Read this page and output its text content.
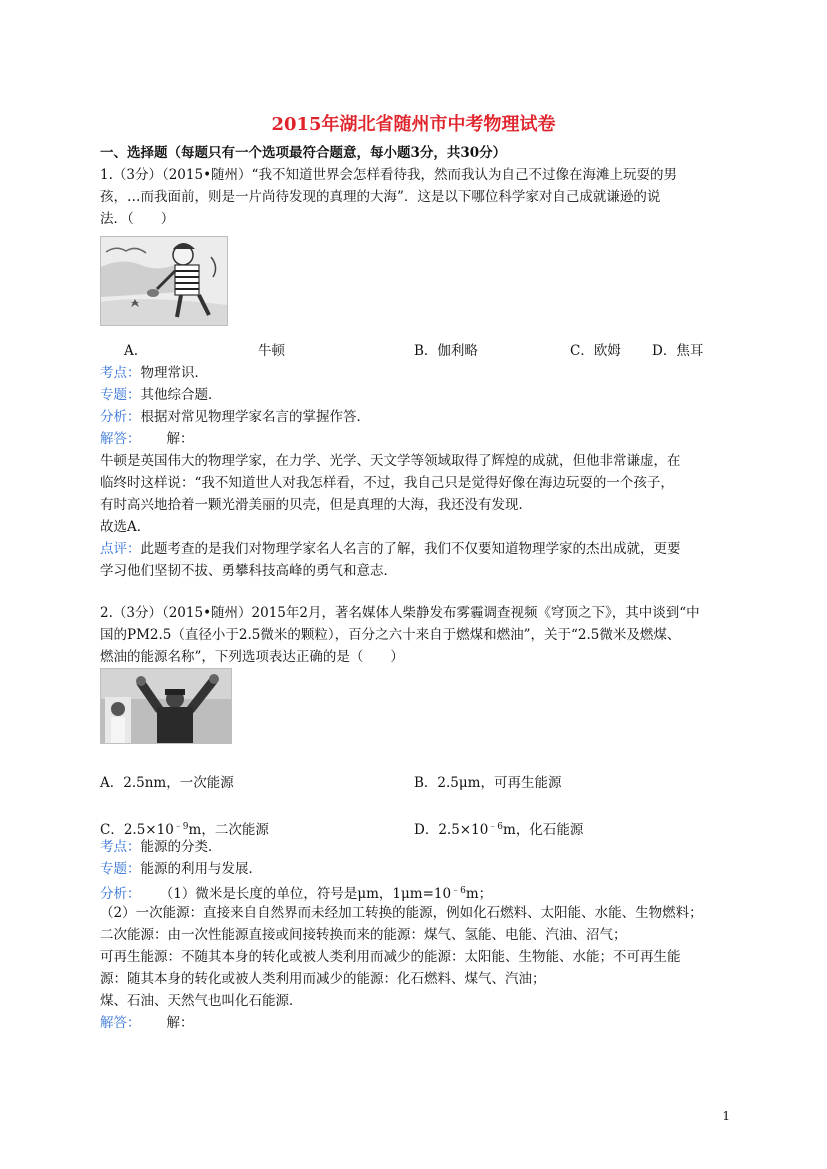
2015年湖北省随州市中考物理试卷
一、选择题（每题只有一个选项最符合题意，每小题3分，共30分）
1.（3分）（2015•随州）“我不知道世界会怎样看待我，然而我认为自己不过像在海滩上玩耍的男
孩，…而我面前，则是一片尚待发现的真理的大海”．这是以下哪位科学家对自己成就谦逊的说
法．（　　）
A.	牛顿	B．伽利略	C．欧姆 D．焦耳
考点：物理常识．
专题：其他综合题．
分析：根据对常见物理学家名言的掌握作答．
解答： 解：
牛顿是英国伟大的物理学家，在力学、光学、天文学等领域取得了辉煌的成就，但他非常谦虚，在
临终时这样说：“我不知道世人对我怎样看，不过，我自己只是觉得好像在海边玩耍的一个孩子，
有时高兴地拾着一颗光滑美丽的贝壳，但是真理的大海，我还没有发现．
故选A．
点评：此题考查的是我们对物理学家名人名言的了解，我们不仅要知道物理学家的杰出成就，更要
学习他们坚韧不拔、勇攀科技高峰的勇气和意志．
2.（3分）（2015•随州）2015年2月，著名媒体人柴静发布雾霾调查视频《穹顶之下》，其中谈到“中
国的PM2.5（直径小于2.5微米的颗粒），百分之六十来自于燃煤和燃油”，关于“2.5微米及燃煤、
燃油的能源名称”，下列选项表达正确的是（　　）
A．2.5nm，一次能源	B．2.5μm，可再生能源
C．$2.5\times 10^{﹣9}m$，二次能源	D．$2.5\times 10^{﹣6}m$，化石能源
考点：能源的分类．
专题：能源的利用与发展．
分析： （1）微米是长度的单位，符号是μm，$1\mu m=10^{﹣6}m$；
（2）一次能源：直接来自自然界而未经加工转换的能源，例如化石燃料、太阳能、水能、生物燃料；
二次能源：由一次性能源直接或间接转换而来的能源：煤气、氢能、电能、汽油、沼气；
可再生能源：不随其本身的转化或被人类利用而减少的能源：太阳能、生物能、水能；不可再生能
源：随其本身的转化或被人类利用而减少的能源：化石燃料、煤气、汽油；
煤、石油、天然气也叫化石能源．
解答： 解：
1
